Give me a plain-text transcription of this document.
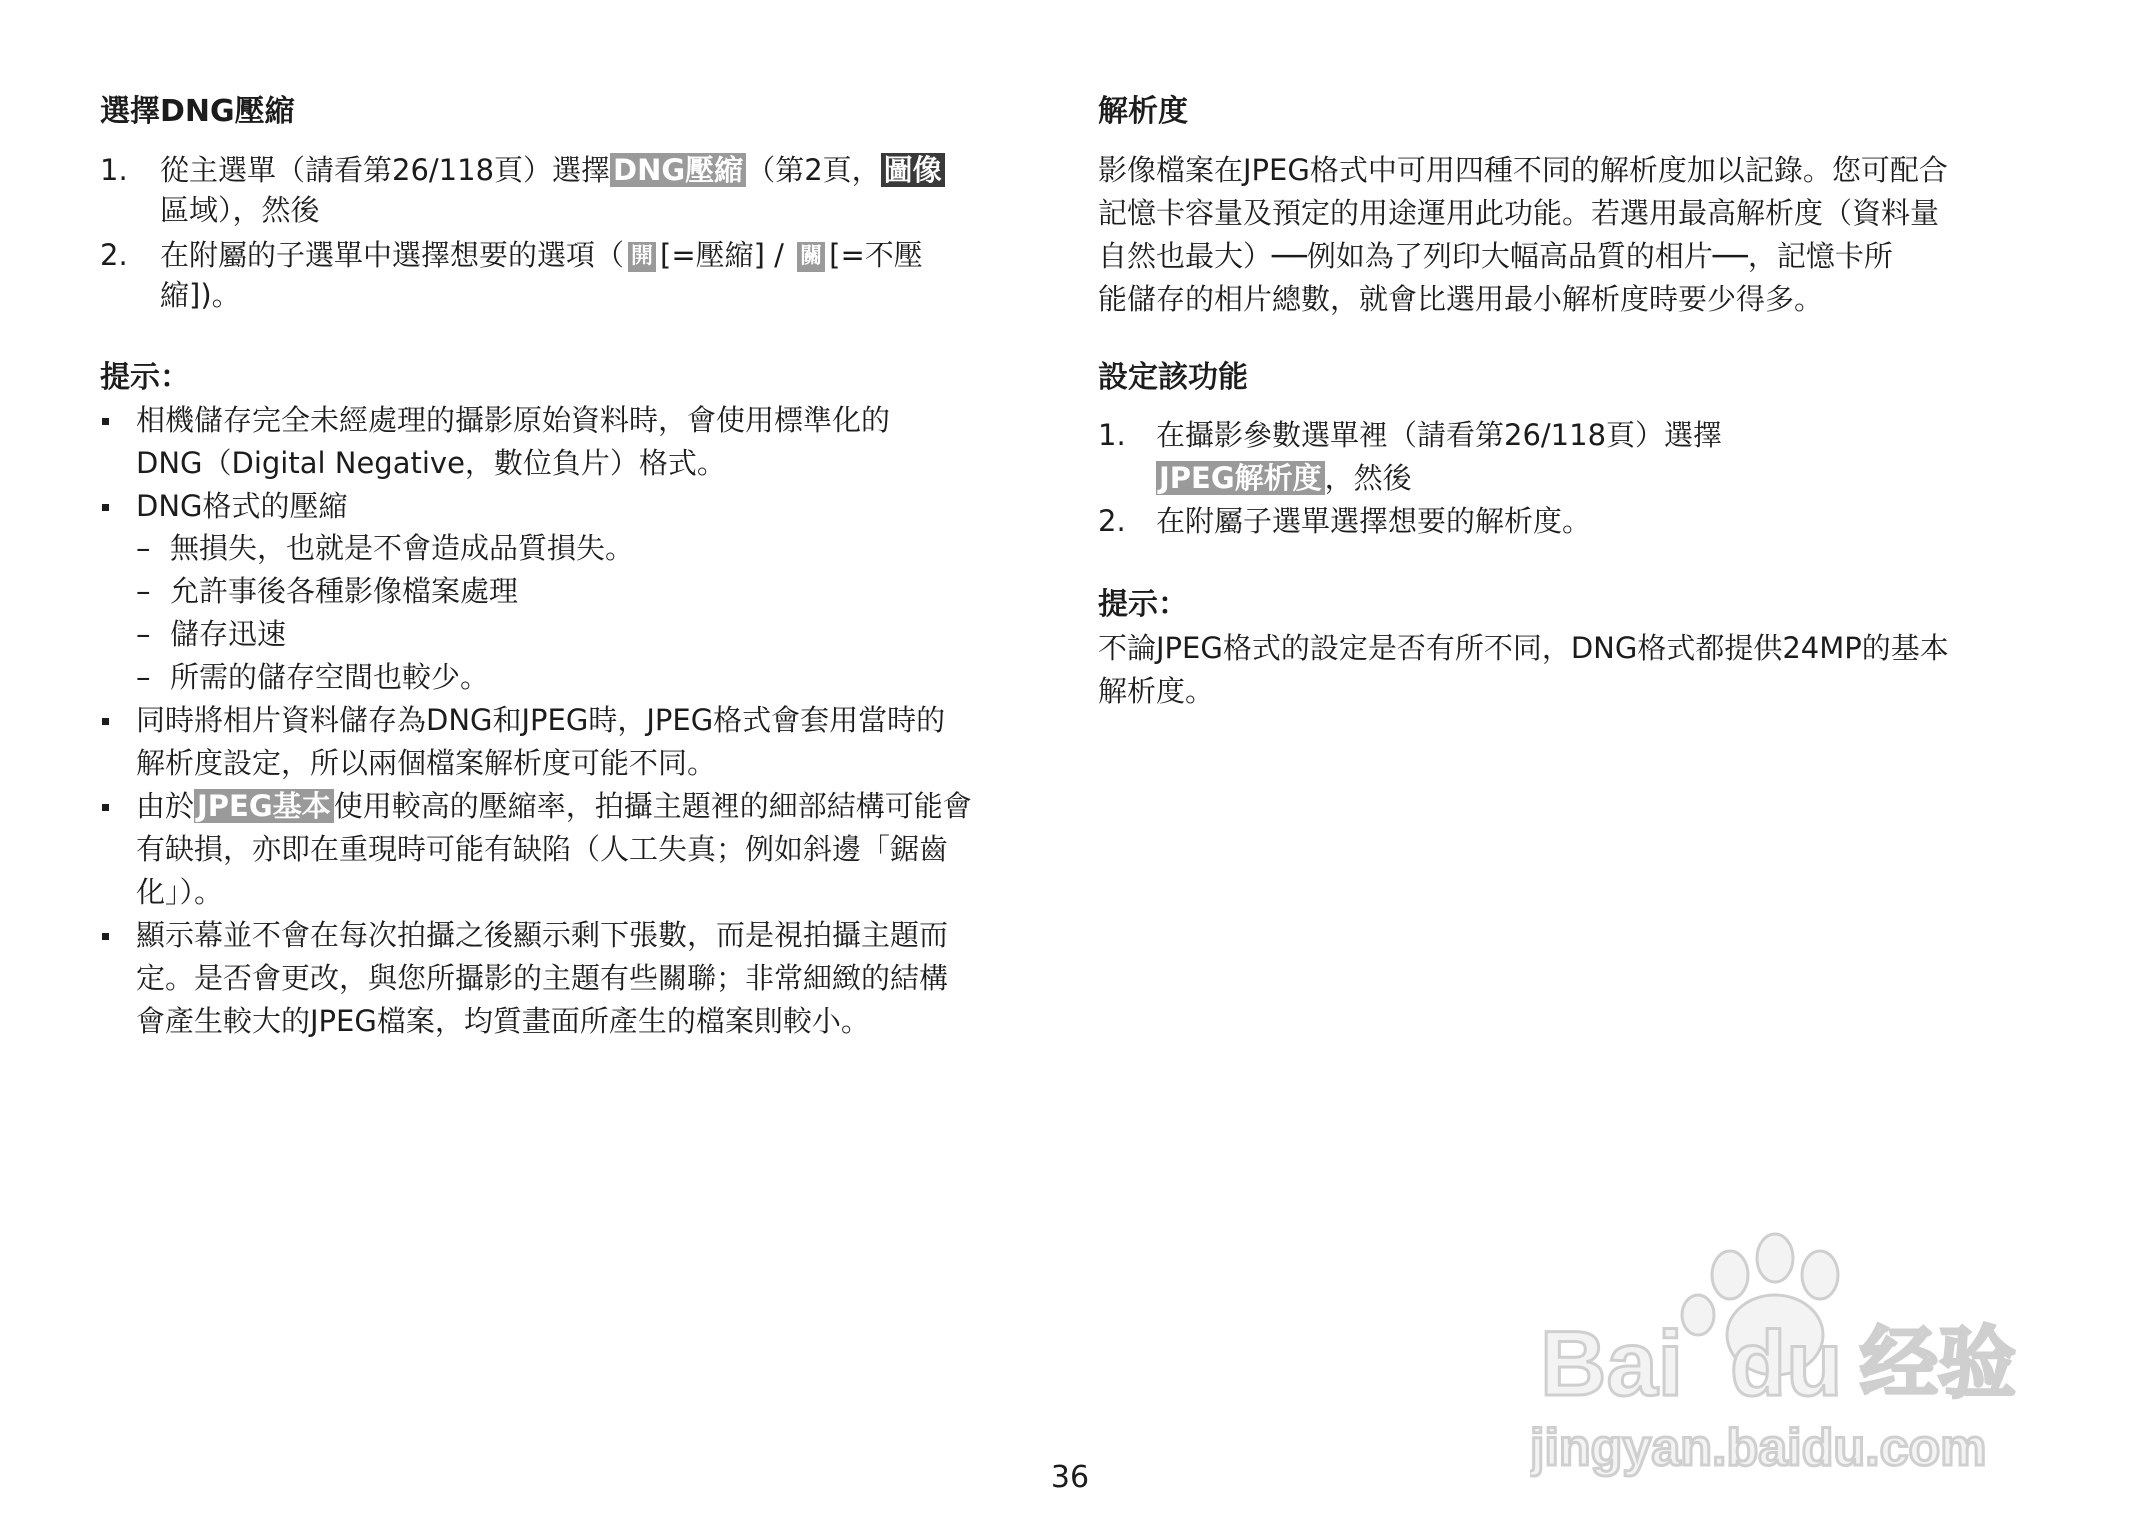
選擇DNG壓縮
1. 從主選單（請看第26/118頁）選擇 DNG壓縮 （第2頁， 圖像
區域），然後
2. 在附屬的子選單中選擇想要的選項（ 開 [=壓縮] / 關 [=不壓
縮])。
提示：
相機儲存完全未經處理的攝影原始資料時，會使用標準化的
DNG（Digital Negative，數位負片）格式。
DNG格式的壓縮
– 無損失，也就是不會造成品質損失。
– 允許事後各種影像檔案處理
– 儲存迅速
– 所需的儲存空間也較少。
同時將相片資料儲存為DNG和JPEG時，JPEG格式會套用當時的
解析度設定，所以兩個檔案解析度可能不同。
由於 JPEG基本 使用較高的壓縮率，拍攝主題裡的細部結構可能會
有缺損，亦即在重現時可能有缺陷（人工失真；例如斜邊「鋸齒
化」）。
顯示幕並不會在每次拍攝之後顯示剩下張數，而是視拍攝主題而
定。是否會更改，與您所攝影的主題有些關聯；非常細緻的結構
會產生較大的JPEG檔案，均質畫面所產生的檔案則較小。
解析度
影像檔案在JPEG格式中可用四種不同的解析度加以記錄。您可配合
記憶卡容量及預定的用途運用此功能。若選用最高解析度（資料量
自然也最大）──例如為了列印大幅高品質的相片──，記憶卡所
能儲存的相片總數，就會比選用最小解析度時要少得多。
設定該功能
1. 在攝影參數選單裡（請看第26/118頁）選擇
JPEG解析度 ，然後
2. 在附屬子選單選擇想要的解析度。
提示：
不論JPEG格式的設定是否有所不同，DNG格式都提供24MP的基本
解析度。
36
Bai du 经验
jingyan.baidu.com
